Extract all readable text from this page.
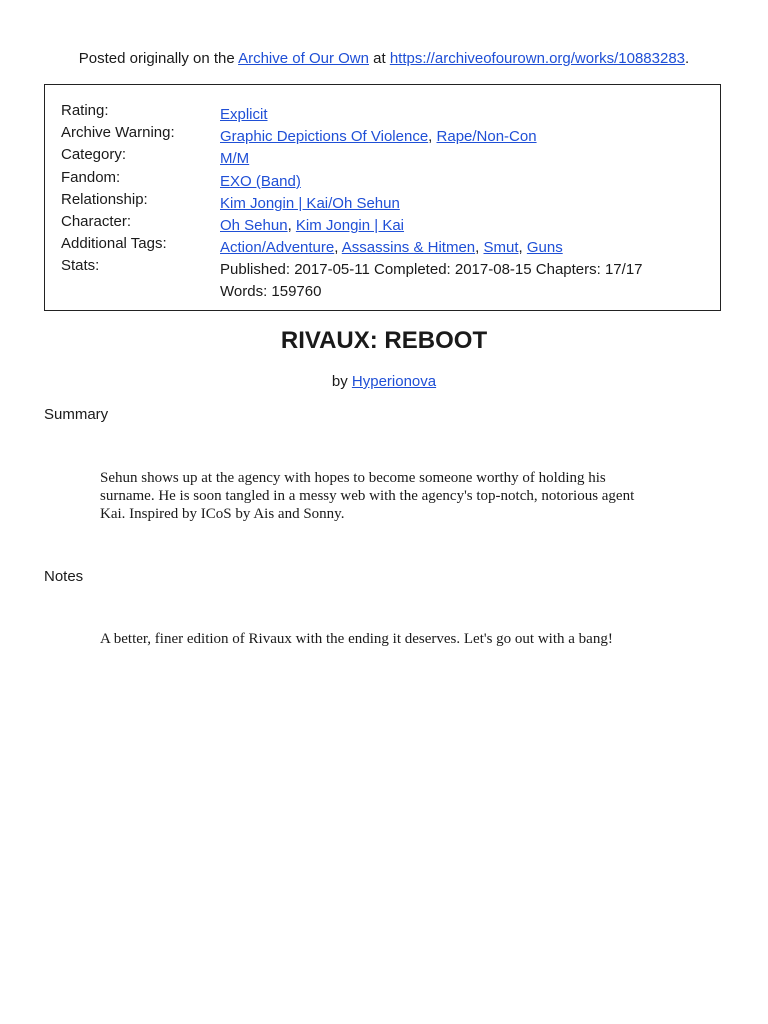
Posted originally on the Archive of Our Own at https://archiveofourown.org/works/10883283.
Rating:	Explicit
Archive Warning:	Graphic Depictions Of Violence, Rape/Non-Con
Category:	M/M
Fandom:	EXO (Band)
Relationship:	Kim Jongin | Kai/Oh Sehun
Character:	Oh Sehun, Kim Jongin | Kai
Additional Tags:	Action/Adventure, Assassins & Hitmen, Smut, Guns
Stats:	Published: 2017-05-11 Completed: 2017-08-15 Chapters: 17/17
Words: 159760
RIVAUX: REBOOT
by Hyperionova
Summary
Sehun shows up at the agency with hopes to become someone worthy of holding his
surname. He is soon tangled in a messy web with the agency's top-notch, notorious agent
Kai. Inspired by ICoS by Ais and Sonny.
Notes
A better, finer edition of Rivaux with the ending it deserves. Let's go out with a bang!
